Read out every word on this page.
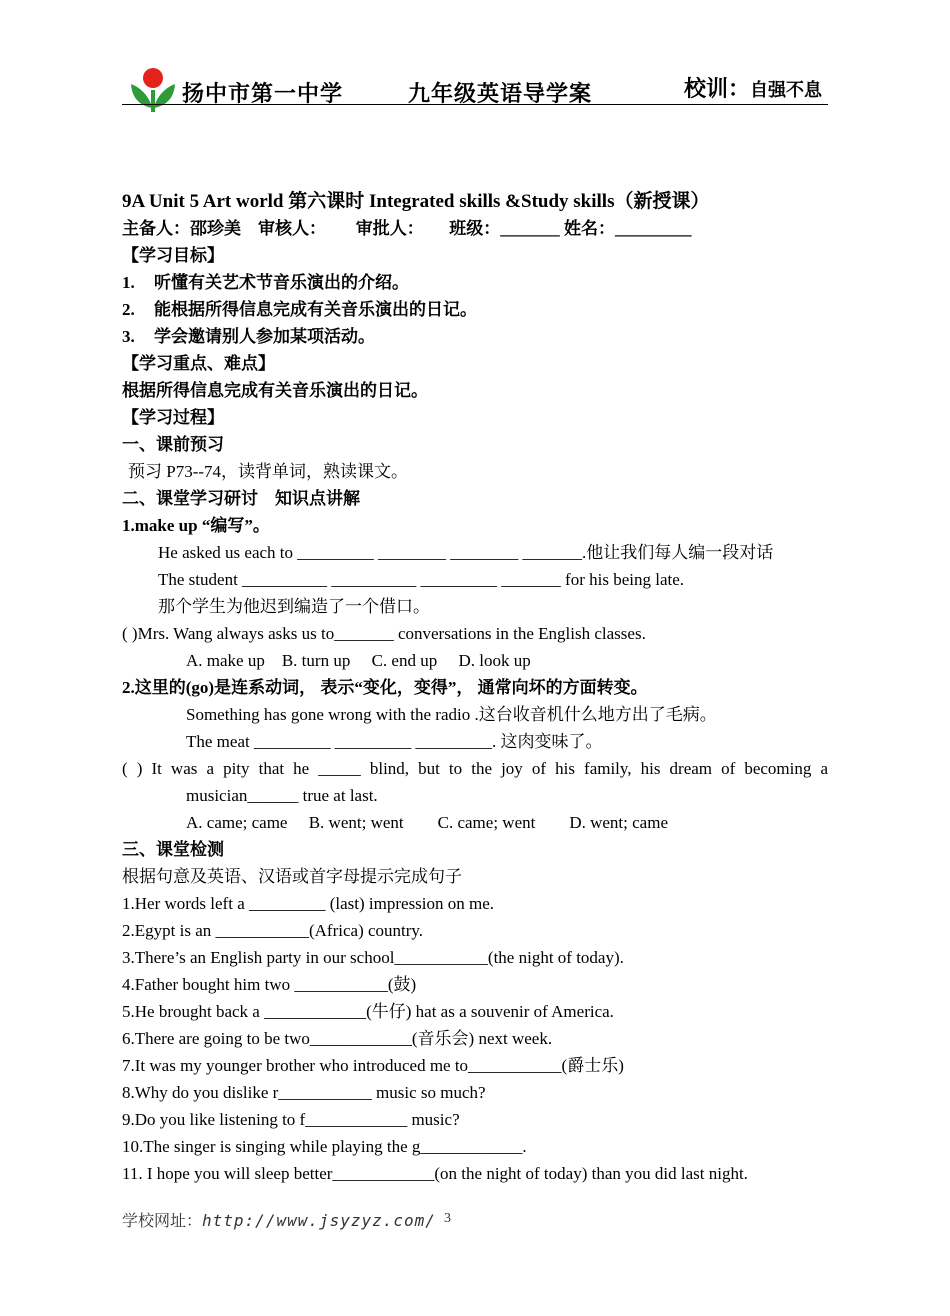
扬中市第一中学	九年级英语导学案	校训：自强不息
9A Unit 5 Art world 第六课时 Integrated skills &Study skills（新授课）
主备人：邵珍美　审核人：　　 审批人：　　班级：_______ 姓名：_________
【学习目标】
1. 听懂有关艺术节音乐演出的介绍。
2. 能根据所得信息完成有关音乐演出的日记。
3. 学会邀请别人参加某项活动。
【学习重点、难点】
根据所得信息完成有关音乐演出的日记。
【学习过程】
一、课前预习
预习 P73--74，读背单词，熟读课文。
二、课堂学习研讨　知识点讲解
1.make up “编写”。
He asked us each to _________ ________ ________ _______.他让我们每人编一段对话
The student __________ __________ _________ _______ for his being late.
那个学生为他迟到编造了一个借口。
( )Mrs. Wang always asks us to_______ conversations in the English classes.
A. make up　B. turn up　 C. end up　 D. look up
2.这里的(go)是连系动词， 表示“变化，变得”， 通常向坏的方面转变。
Something has gone wrong with the radio .这台收音机什么地方出了毛病。
The meat _________ _________ _________. 这肉变味了。
( ) It was a pity that he _____ blind, but to the joy of his family, his dream of becoming a
musician______ true at last.
A. came; came　 B. went; went　　C. came; went　　D. went; came
三、课堂检测
根据句意及英语、汉语或首字母提示完成句子
1.Her words left a _________ (last) impression on me.
2.Egypt is an ___________(Africa) country.
3.There’s an English party in our school___________(the night of today).
4.Father bought him two ___________(鼓)
5.He brought back a ____________(牛仔) hat as a souvenir of America.
6.There are going to be two____________(音乐会) next week.
7.It was my younger brother who introduced me to___________(爵士乐)
8.Why do you dislike r___________ music so much?
9.Do you like listening to f____________ music?
10.The singer is singing while playing the g____________.
11. I hope you will sleep better____________(on the night of today) than you did last night.
学校网址：http://www.jsyzyz.com/ 3
